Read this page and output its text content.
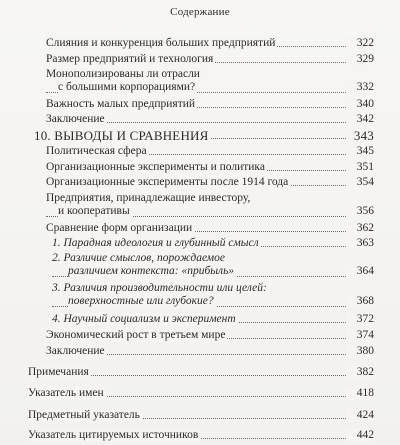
Содержание
Слияния и конкуренция больших предприятий	322
Размер предприятий и технология	329
Монополизированы ли отрасли
с большими корпорациями?	332
Важность малых предприятий	340
Заключение	342
10. ВЫВОДЫ И СРАВНЕНИЯ	343
Политическая сфера	345
Организационные эксперименты и политика	351
Организационные эксперименты после 1914 года	354
Предприятия, принадлежащие инвестору,
и кооперативы	356
Сравнение форм организации	362
1. Парадная идеология и глубинный смысл	363
2. Различие смыслов, порождаемое
различием контекста: «прибыль»	364
3. Различия производительности или целей:
поверхностные или глубокие?	368
4. Научный социализм и эксперимент	372
Экономический рост в третьем мире	374
Заключение	380
Примечания	382
Указатель имен	418
Предметный указатель	424
Указатель цитируемых источников	442
